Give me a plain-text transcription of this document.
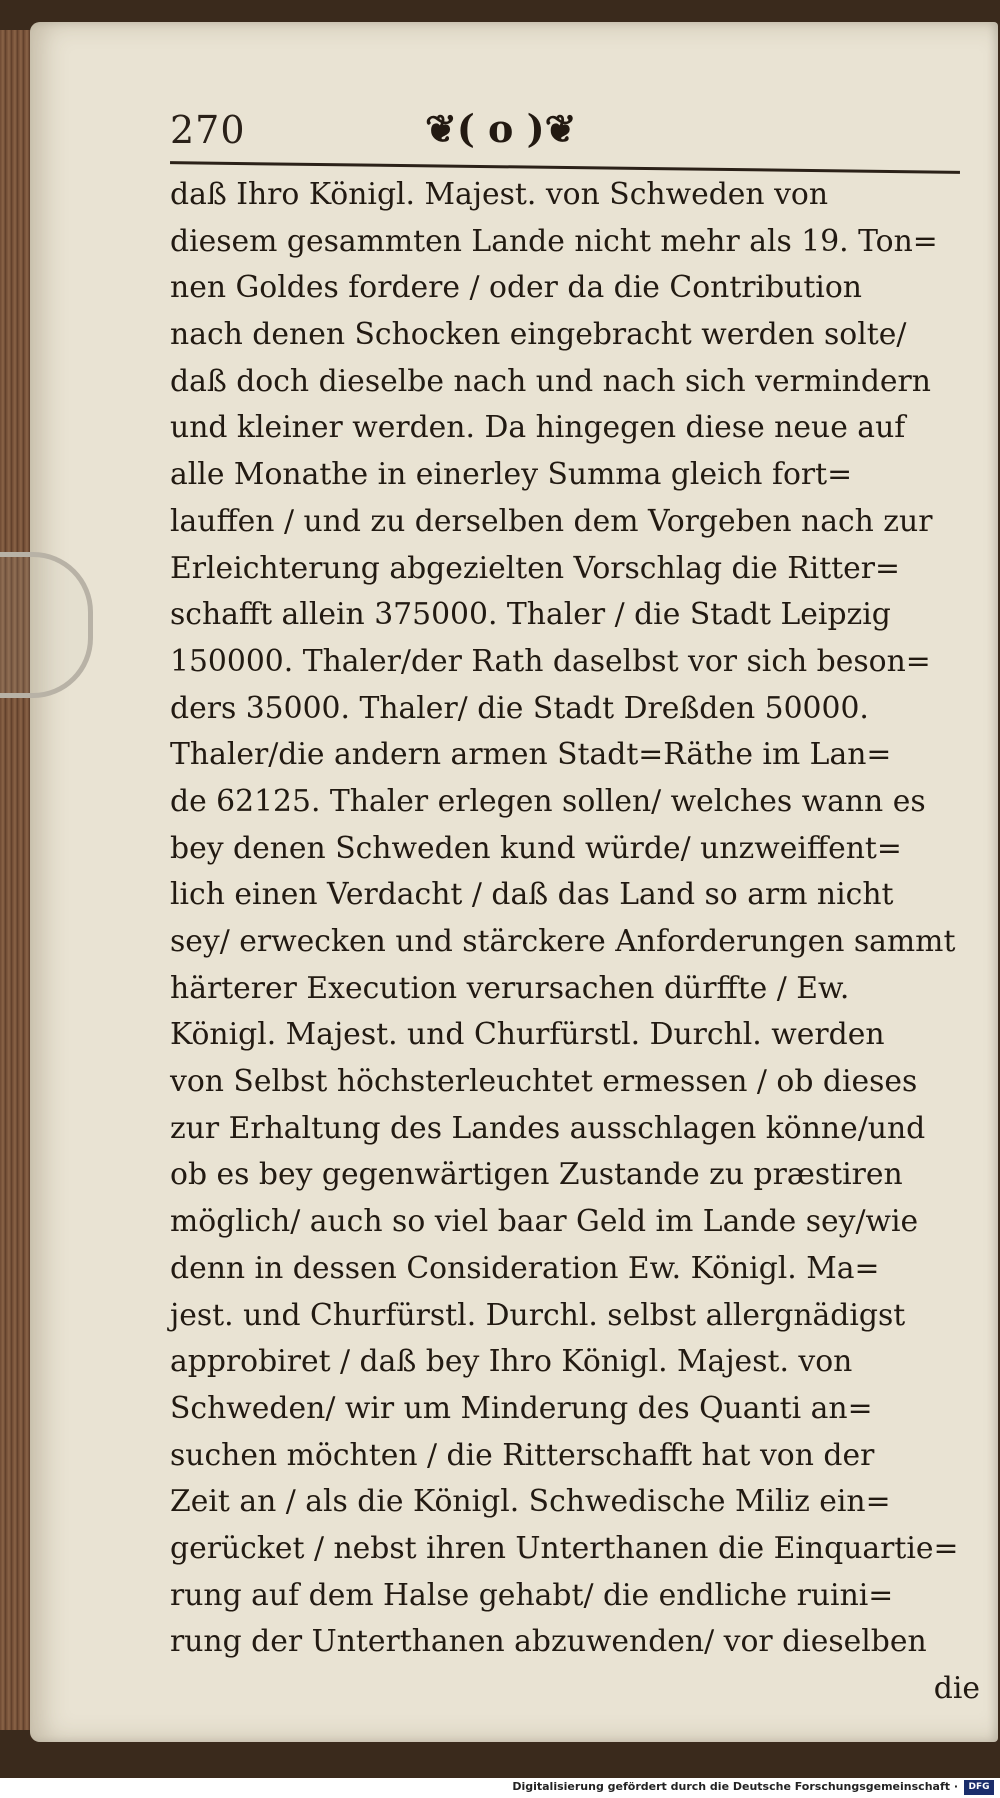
270	❦( o )❦
daß Ihro Königl. Majest. von Schweden von
diesem gesammten Lande nicht mehr als 19. Ton=
nen Goldes fordere / oder da die Contribution
nach denen Schocken eingebracht werden solte/
daß doch dieselbe nach und nach sich vermindern
und kleiner werden. Da hingegen diese neue auf
alle Monathe in einerley Summa gleich fort=
lauffen / und zu derselben dem Vorgeben nach zur
Erleichterung abgezielten Vorschlag die Ritter=
schafft allein 375000. Thaler / die Stadt Leipzig
150000. Thaler/der Rath daselbst vor sich beson=
ders 35000. Thaler/ die Stadt Dreßden 50000.
Thaler/die andern armen Stadt=Räthe im Lan=
de 62125. Thaler erlegen sollen/ welches wann es
bey denen Schweden kund würde/ unzweiffent=
lich einen Verdacht / daß das Land so arm nicht
sey/ erwecken und stärckere Anforderungen sammt
härterer Execution verursachen dürffte / Ew.
Königl. Majest. und Churfürstl. Durchl. werden
von Selbst höchsterleuchtet ermessen / ob dieses
zur Erhaltung des Landes ausschlagen könne/und
ob es bey gegenwärtigen Zustande zu præstiren
möglich/ auch so viel baar Geld im Lande sey/wie
denn in dessen Consideration Ew. Königl. Ma=
jest. und Churfürstl. Durchl. selbst allergnädigst
approbiret / daß bey Ihro Königl. Majest. von
Schweden/ wir um Minderung des Quanti an=
suchen möchten / die Ritterschafft hat von der
Zeit an / als die Königl. Schwedische Miliz ein=
gerücket / nebst ihren Unterthanen die Einquartie=
rung auf dem Halse gehabt/ die endliche ruini=
rung der Unterthanen abzuwenden/ vor dieselben
die
Digitalisierung gefördert durch die Deutsche Forschungsgemeinschaft ·	DFG
